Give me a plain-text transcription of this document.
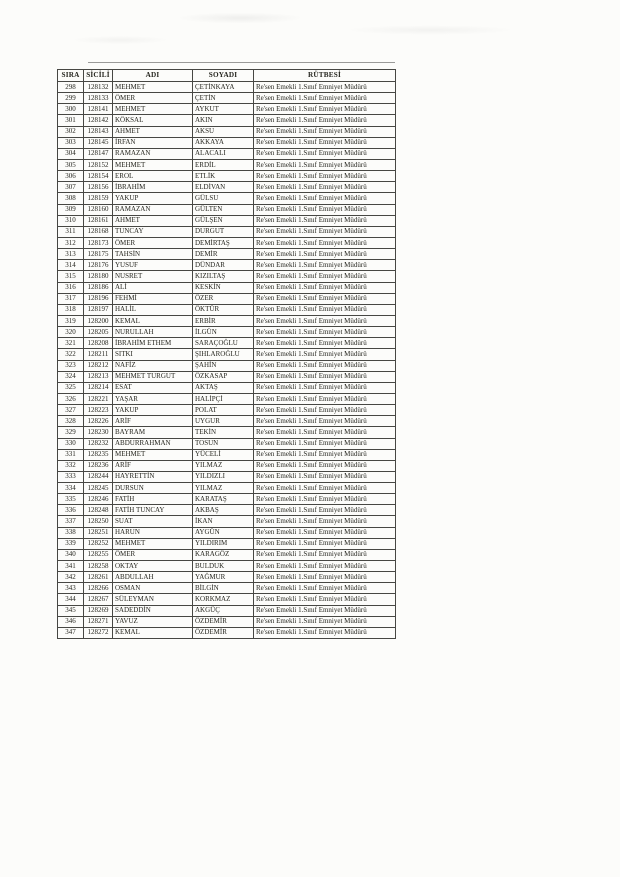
SIRA	SİCİLİ	ADI	SOYADI	RÜTBESİ
298	128132	MEHMET	ÇETİNKAYA	Re'sen Emekli 1.Sınıf Emniyet Müdürü
299	128133	ÖMER	ÇETİN	Re'sen Emekli 1.Sınıf Emniyet Müdürü
300	128141	MEHMET	AYKUT	Re'sen Emekli 1.Sınıf Emniyet Müdürü
301	128142	KÖKSAL	AKIN	Re'sen Emekli 1.Sınıf Emniyet Müdürü
302	128143	AHMET	AKSU	Re'sen Emekli 1.Sınıf Emniyet Müdürü
303	128145	İRFAN	AKKAYA	Re'sen Emekli 1.Sınıf Emniyet Müdürü
304	128147	RAMAZAN	ALACALI	Re'sen Emekli 1.Sınıf Emniyet Müdürü
305	128152	MEHMET	ERDİL	Re'sen Emekli 1.Sınıf Emniyet Müdürü
306	128154	EROL	ETLİK	Re'sen Emekli 1.Sınıf Emniyet Müdürü
307	128156	İBRAHİM	ELDİVAN	Re'sen Emekli 1.Sınıf Emniyet Müdürü
308	128159	YAKUP	GÜLSU	Re'sen Emekli 1.Sınıf Emniyet Müdürü
309	128160	RAMAZAN	GÜLTEN	Re'sen Emekli 1.Sınıf Emniyet Müdürü
310	128161	AHMET	GÜLŞEN	Re'sen Emekli 1.Sınıf Emniyet Müdürü
311	128168	TUNCAY	DURGUT	Re'sen Emekli 1.Sınıf Emniyet Müdürü
312	128173	ÖMER	DEMİRTAŞ	Re'sen Emekli 1.Sınıf Emniyet Müdürü
313	128175	TAHSİN	DEMİR	Re'sen Emekli 1.Sınıf Emniyet Müdürü
314	128176	YUSUF	DÜNDAR	Re'sen Emekli 1.Sınıf Emniyet Müdürü
315	128180	NUSRET	KIZILTAŞ	Re'sen Emekli 1.Sınıf Emniyet Müdürü
316	128186	ALİ	KESKİN	Re'sen Emekli 1.Sınıf Emniyet Müdürü
317	128196	FEHMİ	ÖZER	Re'sen Emekli 1.Sınıf Emniyet Müdürü
318	128197	HALİL	ÖKTÜR	Re'sen Emekli 1.Sınıf Emniyet Müdürü
319	128200	KEMAL	ERBİR	Re'sen Emekli 1.Sınıf Emniyet Müdürü
320	128205	NURULLAH	İLGÜN	Re'sen Emekli 1.Sınıf Emniyet Müdürü
321	128208	İBRAHİM ETHEM	SARAÇOĞLU	Re'sen Emekli 1.Sınıf Emniyet Müdürü
322	128211	SITKI	ŞIHLAROĞLU	Re'sen Emekli 1.Sınıf Emniyet Müdürü
323	128212	NAFİZ	ŞAHİN	Re'sen Emekli 1.Sınıf Emniyet Müdürü
324	128213	MEHMET TURGUT	ÖZKASAP	Re'sen Emekli 1.Sınıf Emniyet Müdürü
325	128214	ESAT	AKTAŞ	Re'sen Emekli 1.Sınıf Emniyet Müdürü
326	128221	YAŞAR	HALİPÇİ	Re'sen Emekli 1.Sınıf Emniyet Müdürü
327	128223	YAKUP	POLAT	Re'sen Emekli 1.Sınıf Emniyet Müdürü
328	128226	ARİF	UYGUR	Re'sen Emekli 1.Sınıf Emniyet Müdürü
329	128230	BAYRAM	TEKİN	Re'sen Emekli 1.Sınıf Emniyet Müdürü
330	128232	ABDURRAHMAN	TOSUN	Re'sen Emekli 1.Sınıf Emniyet Müdürü
331	128235	MEHMET	YÜCELİ	Re'sen Emekli 1.Sınıf Emniyet Müdürü
332	128236	ARİF	YILMAZ	Re'sen Emekli 1.Sınıf Emniyet Müdürü
333	128244	HAYRETTİN	YILDIZLI	Re'sen Emekli 1.Sınıf Emniyet Müdürü
334	128245	DURSUN	YILMAZ	Re'sen Emekli 1.Sınıf Emniyet Müdürü
335	128246	FATİH	KARATAŞ	Re'sen Emekli 1.Sınıf Emniyet Müdürü
336	128248	FATİH TUNCAY	AKBAŞ	Re'sen Emekli 1.Sınıf Emniyet Müdürü
337	128250	SUAT	İKAN	Re'sen Emekli 1.Sınıf Emniyet Müdürü
338	128251	HARUN	AYGÜN	Re'sen Emekli 1.Sınıf Emniyet Müdürü
339	128252	MEHMET	YILDIRIM	Re'sen Emekli 1.Sınıf Emniyet Müdürü
340	128255	ÖMER	KARAGÖZ	Re'sen Emekli 1.Sınıf Emniyet Müdürü
341	128258	OKTAY	BULDUK	Re'sen Emekli 1.Sınıf Emniyet Müdürü
342	128261	ABDULLAH	YAĞMUR	Re'sen Emekli 1.Sınıf Emniyet Müdürü
343	128266	OSMAN	BİLGİN	Re'sen Emekli 1.Sınıf Emniyet Müdürü
344	128267	SÜLEYMAN	KORKMAZ	Re'sen Emekli 1.Sınıf Emniyet Müdürü
345	128269	SADEDDİN	AKGÜÇ	Re'sen Emekli 1.Sınıf Emniyet Müdürü
346	128271	YAVUZ	ÖZDEMİR	Re'sen Emekli 1.Sınıf Emniyet Müdürü
347	128272	KEMAL	ÖZDEMİR	Re'sen Emekli 1.Sınıf Emniyet Müdürü
